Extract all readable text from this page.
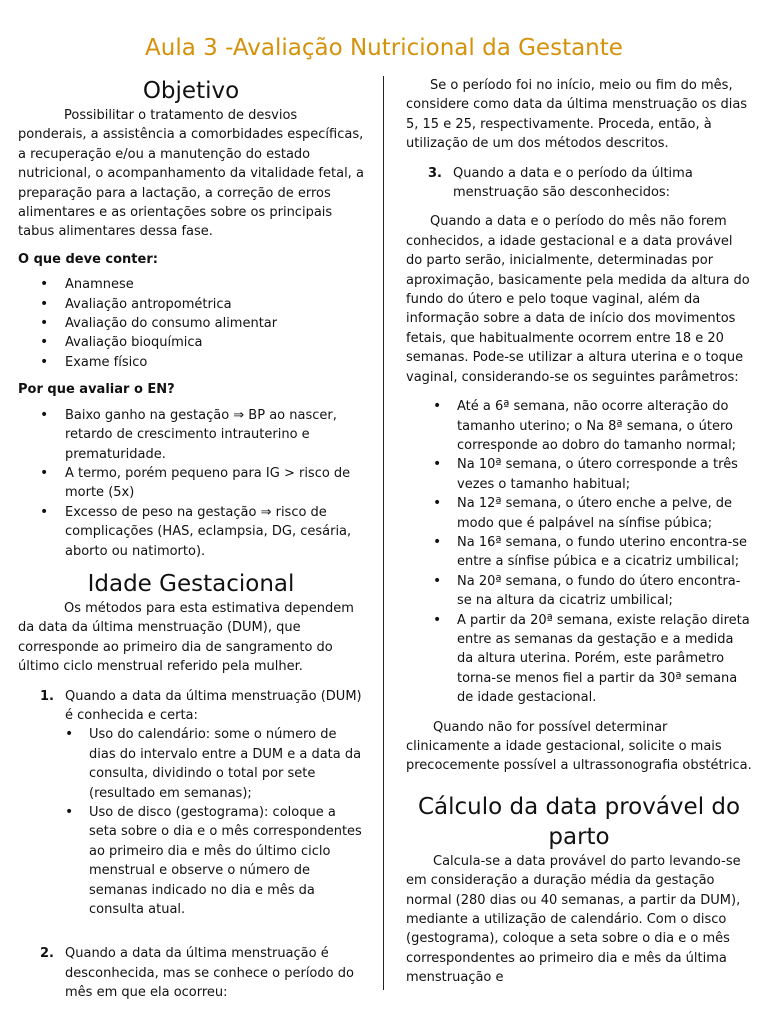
Aula 3 -Avaliação Nutricional da Gestante
Objetivo

Possibilitar o tratamento de desvios ponderais, a assistência a comorbidades específicas, a recuperação e/ou a manutenção do estado nutricional, o acompanhamento da vitalidade fetal, a preparação para a lactação, a correção de erros alimentares e as orientações sobre os principais tabus alimentares dessa fase.

O que deve conter:

• Anamnese
• Avaliação antropométrica
• Avaliação do consumo alimentar
• Avaliação bioquímica
• Exame físico

Por que avaliar o EN?

• Baixo ganho na gestação ⇒ BP ao nascer, retardo de crescimento intrauterino e prematuridade.
• A termo, porém pequeno para IG > risco de morte (5x)
• Excesso de peso na gestação ⇒ risco de complicações (HAS, eclampsia, DG, cesária, aborto ou natimorto).
Idade Gestacional

Os métodos para esta estimativa dependem da data da última menstruação (DUM), que corresponde ao primeiro dia de sangramento do último ciclo menstrual referido pela mulher.

1. Quando a data da última menstruação (DUM) é conhecida e certa:
• Uso do calendário: some o número de dias do intervalo entre a DUM e a data da consulta, dividindo o total por sete (resultado em semanas);
• Uso de disco (gestograma): coloque a seta sobre o dia e o mês correspondentes ao primeiro dia e mês do último ciclo menstrual e observe o número de semanas indicado no dia e mês da consulta atual.
2. Quando a data da última menstruação é desconhecida, mas se conhece o período do mês em que ela ocorreu:

Se o período foi no início, meio ou fim do mês, considere como data da última menstruação os dias 5, 15 e 25, respectivamente. Proceda, então, à utilização de um dos métodos descritos.

3. Quando a data e o período da última menstruação são desconhecidos:

Quando a data e o período do mês não forem conhecidos, a idade gestacional e a data provável do parto serão, inicialmente, determinadas por aproximação, basicamente pela medida da altura do fundo do útero e pelo toque vaginal, além da informação sobre a data de início dos movimentos fetais, que habitualmente ocorrem entre 18 e 20 semanas. Pode-se utilizar a altura uterina e o toque vaginal, considerando-se os seguintes parâmetros:

• Até a 6ª semana, não ocorre alteração do tamanho uterino; o Na 8ª semana, o útero corresponde ao dobro do tamanho normal;
• Na 10ª semana, o útero corresponde a três vezes o tamanho habitual;
• Na 12ª semana, o útero enche a pelve, de modo que é palpável na sínfise púbica;
• Na 16ª semana, o fundo uterino encontra-se entre a sínfise púbica e a cicatriz umbilical;
• Na 20ª semana, o fundo do útero encontra-se na altura da cicatriz umbilical;
• A partir da 20ª semana, existe relação direta entre as semanas da gestação e a medida da altura uterina. Porém, este parâmetro torna-se menos fiel a partir da 30ª semana de idade gestacional.

Quando não for possível determinar clinicamente a idade gestacional, solicite o mais precocemente possível a ultrassonografia obstétrica.

Cálculo da data provável do parto

Calcula-se a data provável do parto levando-se em consideração a duração média da gestação normal (280 dias ou 40 semanas, a partir da DUM), mediante a utilização de calendário. Com o disco (gestograma), coloque a seta sobre o dia e o mês correspondentes ao primeiro dia e mês da última menstruação e
